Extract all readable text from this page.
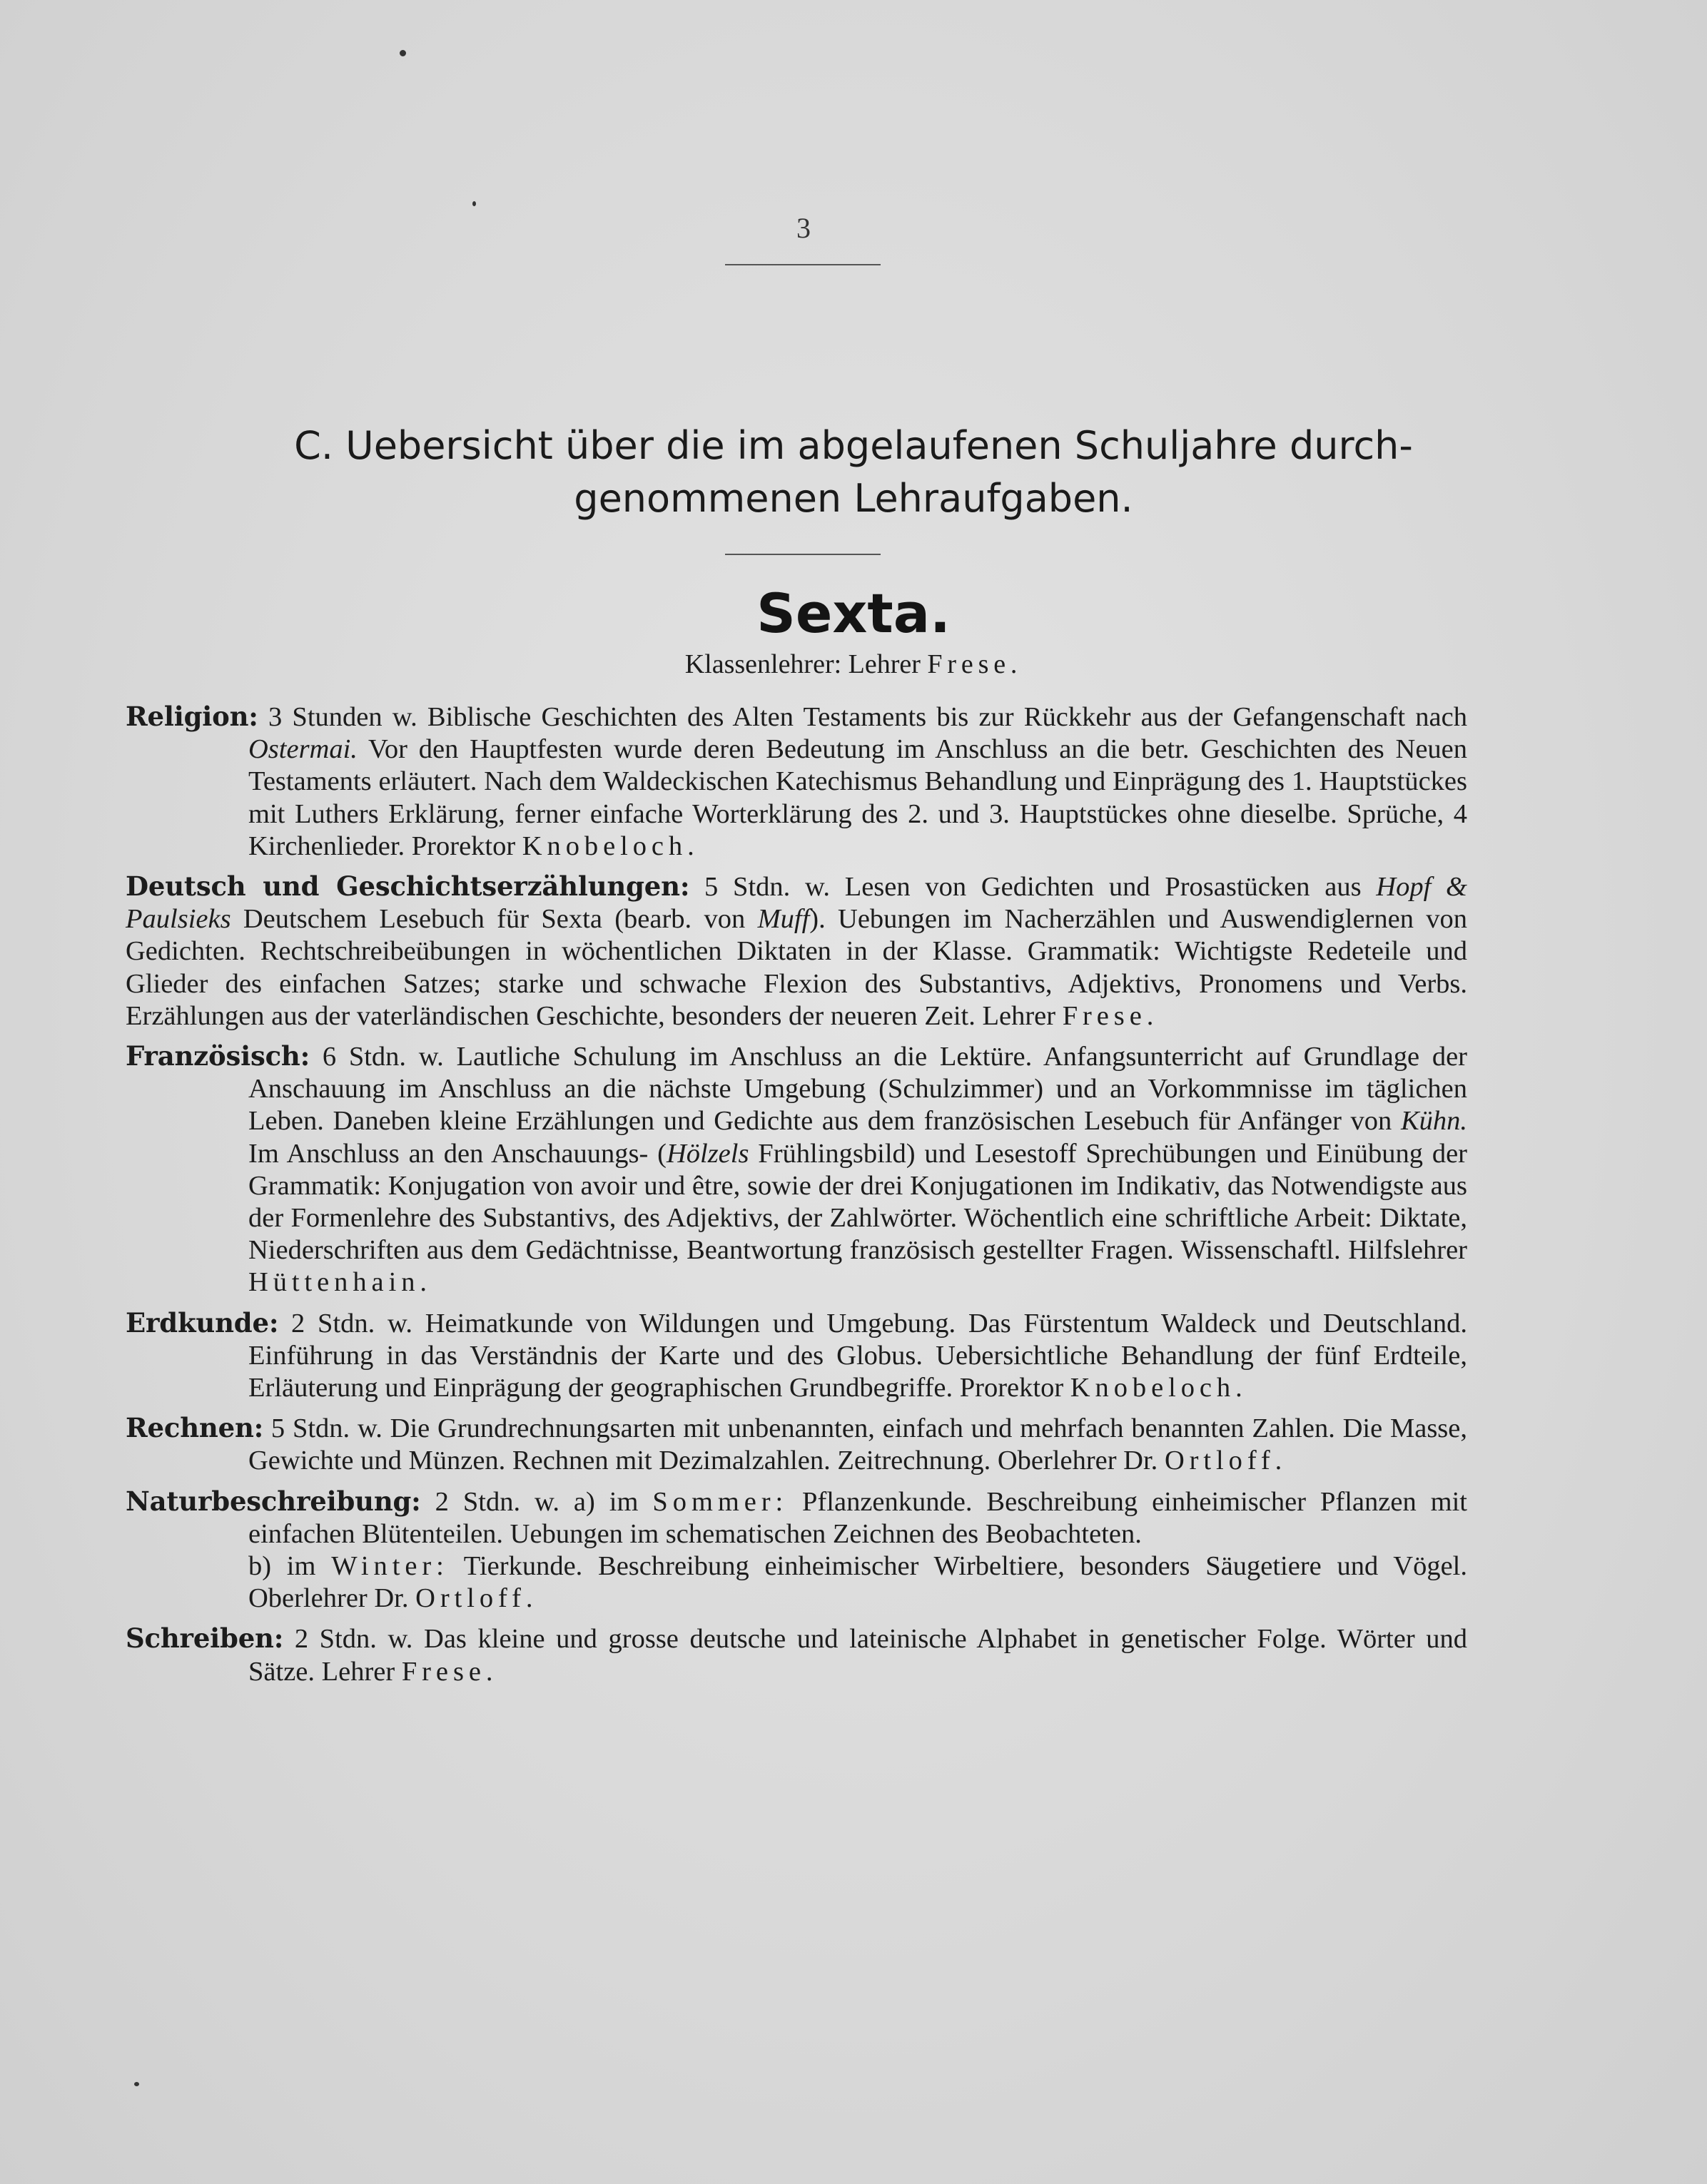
3
C. Uebersicht über die im abgelaufenen Schuljahre durch-
genommenen Lehraufgaben.
Sexta.
Klassenlehrer: Lehrer Frese.
Religion: 3 Stunden w. Biblische Geschichten des Alten Testaments bis zur Rückkehr aus der Gefangenschaft nach Ostermai. Vor den Hauptfesten wurde deren Bedeutung im Anschluss an die betr. Geschichten des Neuen Testaments erläutert. Nach dem Waldeckischen Katechismus Behandlung und Einprägung des 1. Hauptstückes mit Luthers Erklärung, ferner einfache Worterklärung des 2. und 3. Hauptstückes ohne dieselbe. Sprüche, 4 Kirchenlieder. Prorektor Knobeloch.
Deutsch und Geschichtserzählungen: 5 Stdn. w. Lesen von Gedichten und Prosastücken aus Hopf & Paulsieks Deutschem Lesebuch für Sexta (bearb. von Muff). Uebungen im Nacherzählen und Auswendiglernen von Gedichten. Rechtschreibeübungen in wöchentlichen Diktaten in der Klasse. Grammatik: Wichtigste Redeteile und Glieder des einfachen Satzes; starke und schwache Flexion des Substantivs, Adjektivs, Pronomens und Verbs. Erzählungen aus der vaterländischen Geschichte, besonders der neueren Zeit. Lehrer Frese.
Französisch: 6 Stdn. w. Lautliche Schulung im Anschluss an die Lektüre. Anfangsunterricht auf Grundlage der Anschauung im Anschluss an die nächste Umgebung (Schulzimmer) und an Vorkommnisse im täglichen Leben. Daneben kleine Erzählungen und Gedichte aus dem französischen Lesebuch für Anfänger von Kühn. Im Anschluss an den Anschauungs- (Hölzels Frühlingsbild) und Lesestoff Sprechübungen und Einübung der Grammatik: Konjugation von avoir und être, sowie der drei Konjugationen im Indikativ, das Notwendigste aus der Formenlehre des Substantivs, des Adjektivs, der Zahlwörter. Wöchentlich eine schriftliche Arbeit: Diktate, Niederschriften aus dem Gedächtnisse, Beantwortung französisch gestellter Fragen. Wissenschaftl. Hilfslehrer Hüttenhain.
Erdkunde: 2 Stdn. w. Heimatkunde von Wildungen und Umgebung. Das Fürstentum Waldeck und Deutschland. Einführung in das Verständnis der Karte und des Globus. Uebersichtliche Behandlung der fünf Erdteile, Erläuterung und Einprägung der geographischen Grundbegriffe. Prorektor Knobeloch.
Rechnen: 5 Stdn. w. Die Grundrechnungsarten mit unbenannten, einfach und mehrfach benannten Zahlen. Die Masse, Gewichte und Münzen. Rechnen mit Dezimalzahlen. Zeitrechnung. Oberlehrer Dr. Ortloff.
Naturbeschreibung: 2 Stdn. w. a) im Sommer: Pflanzenkunde. Beschreibung einheimischer Pflanzen mit einfachen Blütenteilen. Uebungen im schematischen Zeichnen des Beobachteten.
b) im Winter: Tierkunde. Beschreibung einheimischer Wirbeltiere, besonders Säugetiere und Vögel. Oberlehrer Dr. Ortloff.
Schreiben: 2 Stdn. w. Das kleine und grosse deutsche und lateinische Alphabet in genetischer Folge. Wörter und Sätze. Lehrer Frese.
